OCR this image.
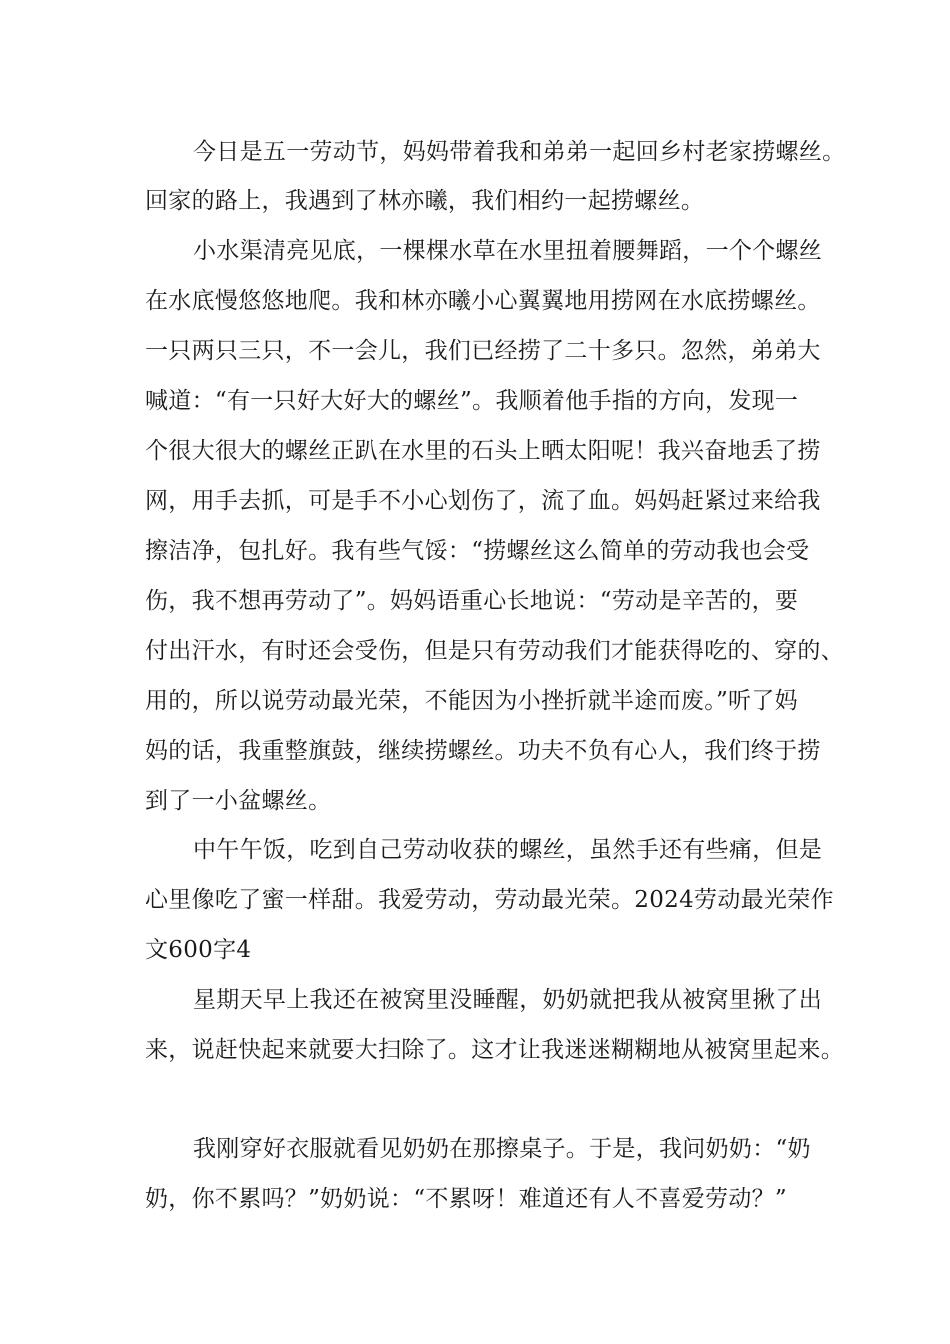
今日是五一劳动节，妈妈带着我和弟弟一起回乡村老家捞螺丝。
回家的路上，我遇到了林亦曦，我们相约一起捞螺丝。
小水渠清亮见底，一棵棵水草在水里扭着腰舞蹈，一个个螺丝
在水底慢悠悠地爬。我和林亦曦小心翼翼地用捞网在水底捞螺丝。
一只两只三只，不一会儿，我们已经捞了二十多只。忽然，弟弟大
喊道：“有一只好大好大的螺丝”。我顺着他手指的方向，发现一
个很大很大的螺丝正趴在水里的石头上晒太阳呢！我兴奋地丢了捞
网，用手去抓，可是手不小心划伤了，流了血。妈妈赶紧过来给我
擦洁净，包扎好。我有些气馁：“捞螺丝这么简单的劳动我也会受
伤，我不想再劳动了”。妈妈语重心长地说：“劳动是辛苦的，要
付出汗水，有时还会受伤，但是只有劳动我们才能获得吃的、穿的、
用的，所以说劳动最光荣，不能因为小挫折就半途而废。”听了妈
妈的话，我重整旗鼓，继续捞螺丝。功夫不负有心人，我们终于捞
到了一小盆螺丝。
中午午饭，吃到自己劳动收获的螺丝，虽然手还有些痛，但是
心里像吃了蜜一样甜。我爱劳动，劳动最光荣。2024劳动最光荣作
文600字4
星期天早上我还在被窝里没睡醒，奶奶就把我从被窝里揪了出
来，说赶快起来就要大扫除了。这才让我迷迷糊糊地从被窝里起来。
我刚穿好衣服就看见奶奶在那擦桌子。于是，我问奶奶：“奶
奶，你不累吗？”奶奶说：“不累呀！难道还有人不喜爱劳动？”
